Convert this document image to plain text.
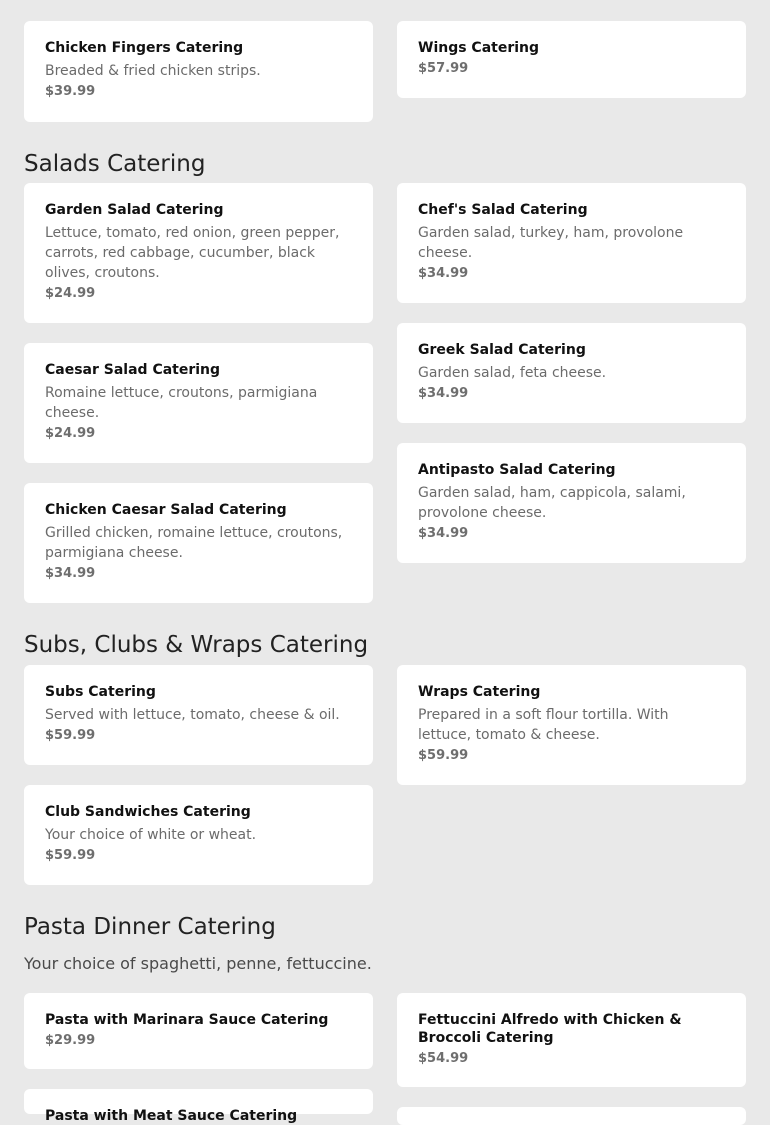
Chicken Fingers Catering
Breaded & fried chicken strips.
$39.99
Wings Catering
$57.99
Salads Catering
Garden Salad Catering
Lettuce, tomato, red onion, green pepper, carrots, red cabbage, cucumber, black olives, croutons.
$24.99
Chef's Salad Catering
Garden salad, turkey, ham, provolone cheese.
$34.99
Caesar Salad Catering
Romaine lettuce, croutons, parmigiana cheese.
$24.99
Greek Salad Catering
Garden salad, feta cheese.
$34.99
Chicken Caesar Salad Catering
Grilled chicken, romaine lettuce, croutons, parmigiana cheese.
$34.99
Antipasto Salad Catering
Garden salad, ham, cappicola, salami, provolone cheese.
$34.99
Subs, Clubs & Wraps Catering
Subs Catering
Served with lettuce, tomato, cheese & oil.
$59.99
Wraps Catering
Prepared in a soft flour tortilla. With lettuce, tomato & cheese.
$59.99
Club Sandwiches Catering
Your choice of white or wheat.
$59.99
Pasta Dinner Catering

Your choice of spaghetti, penne, fettuccine.

Pasta with Marinara Sauce Catering
$29.99
Fettuccini Alfredo with Chicken & Broccoli Catering
$54.99
Pasta with Meat Sauce Catering
